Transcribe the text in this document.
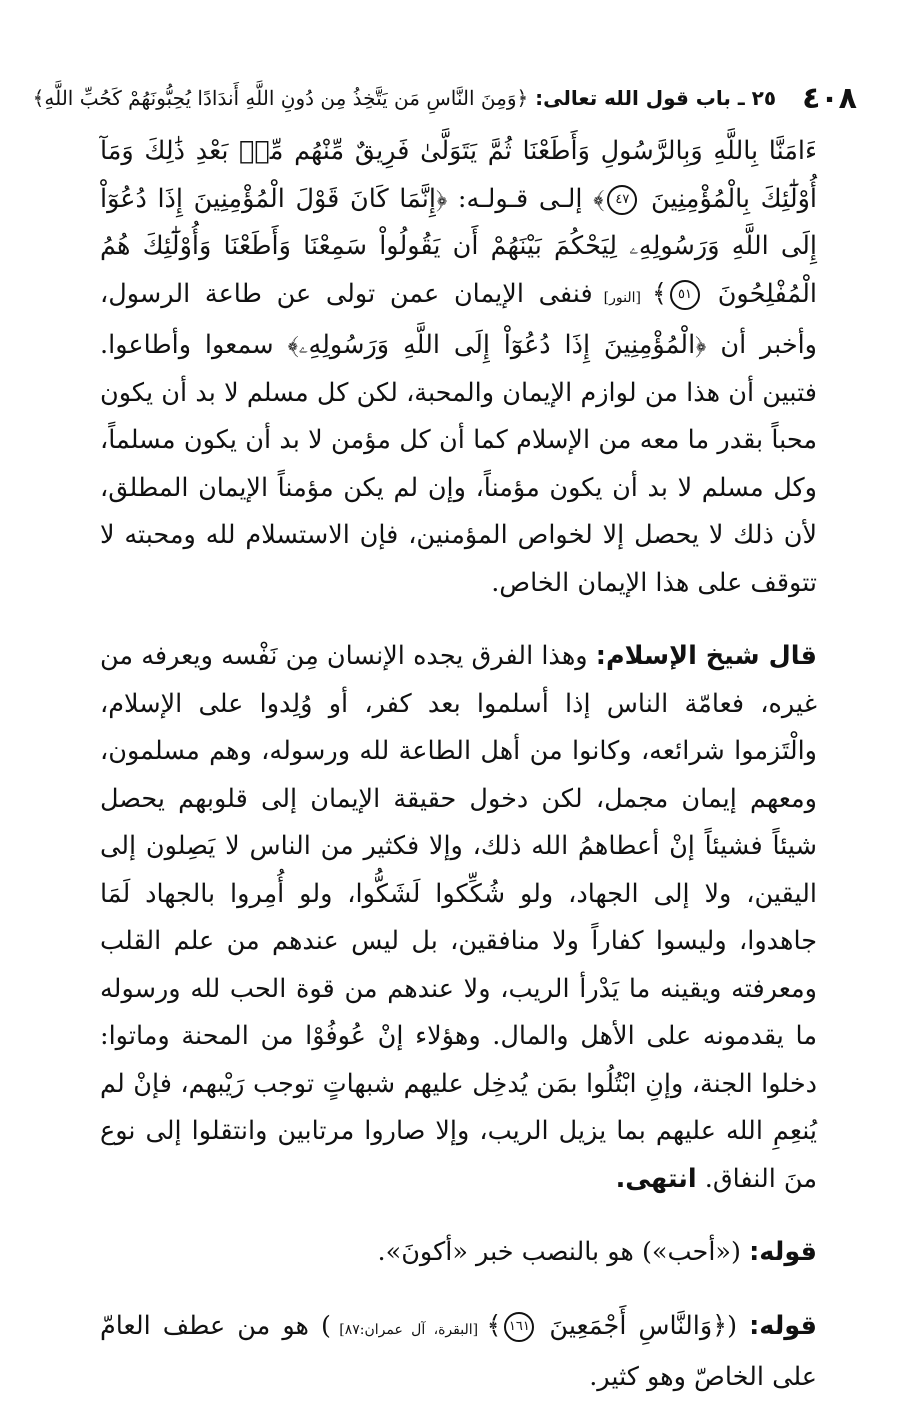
٤٠٨
٢٥ ـ باب قول الله تعالى: ﴿وَمِنَ النَّاسِ مَن يَتَّخِذُ مِن دُونِ اللَّهِ أَندَادًا يُحِبُّونَهُمْ كَحُبِّ اللَّهِ﴾

ءَامَنَّا بِاللَّهِ وَبِالرَّسُولِ وَأَطَعْنَا ثُمَّ يَتَوَلَّىٰ فَرِيقٌ مِّنْهُم مِّنۢ بَعْدِ ذَٰلِكَ وَمَآ أُوْلَٰٓئِكَ بِالْمُؤْمِنِينَ ٤٧﴾ إلـى قـولـه: ﴿إِنَّمَا كَانَ قَوْلَ الْمُؤْمِنِينَ إِذَا دُعُوٓاْ إِلَى اللَّهِ وَرَسُولِهِۦ لِيَحْكُمَ بَيْنَهُمْ أَن يَقُولُواْ سَمِعْنَا وَأَطَعْنَا وَأُوْلَٰٓئِكَ هُمُ الْمُفْلِحُونَ ٥١﴾ [النور] فنفى الإيمان عمن تولى عن طاعة الرسول، وأخبر أن ﴿الْمُؤْمِنِينَ إِذَا دُعُوٓاْ إِلَى اللَّهِ وَرَسُولِهِۦ﴾ سمعوا وأطاعوا. فتبين أن هذا من لوازم الإيمان والمحبة، لكن كل مسلم لا بد أن يكون محباً بقدر ما معه من الإسلام كما أن كل مؤمن لا بد أن يكون مسلماً، وكل مسلم لا بد أن يكون مؤمناً، وإن لم يكن مؤمناً الإيمان المطلق، لأن ذلك لا يحصل إلا لخواص المؤمنين، فإن الاستسلام لله ومحبته لا تتوقف على هذا الإيمان الخاص.

قال شيخ الإسلام: وهذا الفرق يجده الإنسان مِن نَفْسه ويعرفه من غيره، فعامّة الناس إذا أسلموا بعد كفر، أو وُلِدوا على الإسلام، والْتَزموا شرائعه، وكانوا من أهل الطاعة لله ورسوله، وهم مسلمون، ومعهم إيمان مجمل، لكن دخول حقيقة الإيمان إلى قلوبهم يحصل شيئاً فشيئاً إنْ أعطاهمُ الله ذلك، وإلا فكثير من الناس لا يَصِلون إلى اليقين، ولا إلى الجهاد، ولو شُكِّكوا لَشَكُّوا، ولو أُمِروا بالجهاد لَمَا جاهدوا، وليسوا كفاراً ولا منافقين، بل ليس عندهم من علم القلب ومعرفته ويقينه ما يَدْرأ الريب، ولا عندهم من قوة الحب لله ورسوله ما يقدمونه على الأهل والمال. وهؤلاء إنْ عُوفُوْا من المحنة وماتوا: دخلوا الجنة، وإنِ ابْتُلُوا بمَن يُدخِل عليهم شبهاتٍ توجب رَيْبهم، فإنْ لم يُنعِمِ الله عليهم بما يزيل الريب، وإلا صاروا مرتابين وانتقلوا إلى نوع منَ النفاق. انتهى.

قوله: («أحب») هو بالنصب خبر «أكونَ».

قوله: (﴿وَالنَّاسِ أَجْمَعِينَ ١٦١﴾ [البقرة، آل عمران:٨٧] ) هو من عطف العامّ على الخاصّ وهو كثير.
